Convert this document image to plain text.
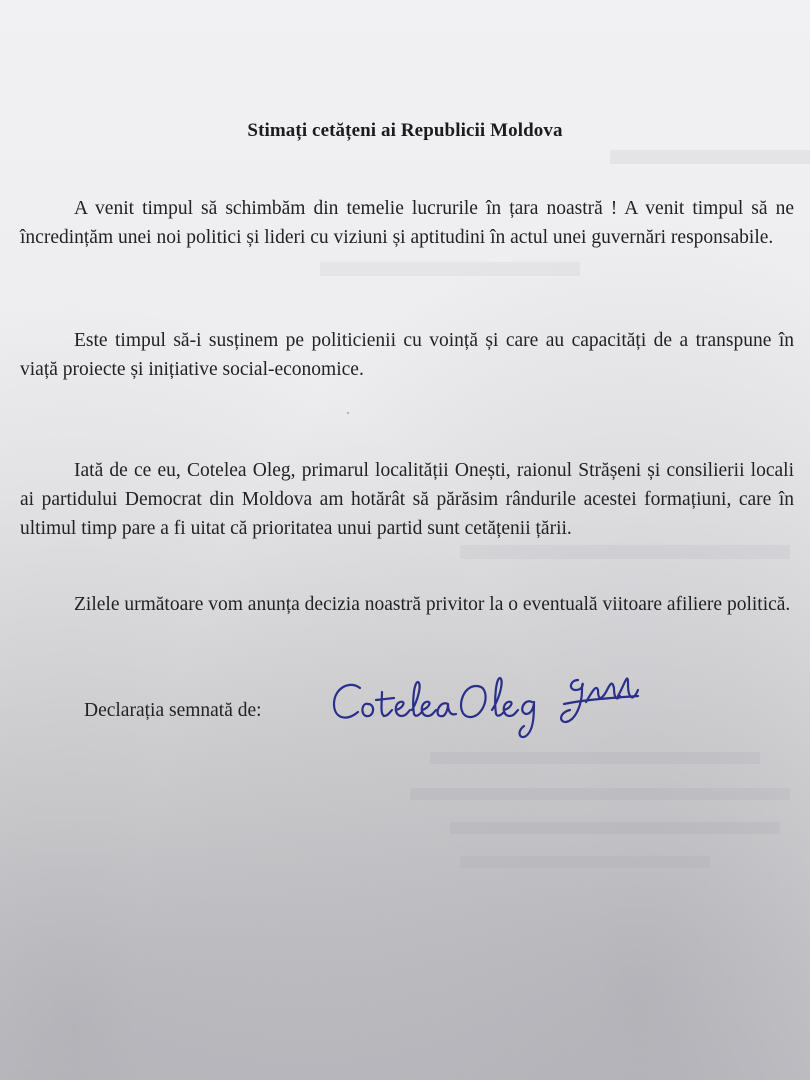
Stimați cetățeni ai Republicii Moldova
A venit timpul să schimbăm din temelie lucrurile în țara noastră ! A venit timpul să ne încredințăm unei noi politici și lideri cu viziuni și aptitudini în actul unei guvernări responsabile.
Este timpul să-i susținem pe politicienii cu voință și care au capacități de a transpune în viață proiecte și inițiative social-economice.
Iată de ce eu, Cotelea Oleg, primarul localității Onești, raionul Strășeni și consilierii locali ai partidului Democrat din Moldova am hotărât să părăsim rândurile acestei formațiuni, care în ultimul timp pare a fi uitat că prioritatea unui partid sunt cetățenii țării.
Zilele următoare vom anunța decizia noastră privitor la o eventuală viitoare afiliere politică.
Declarația semnată de:
